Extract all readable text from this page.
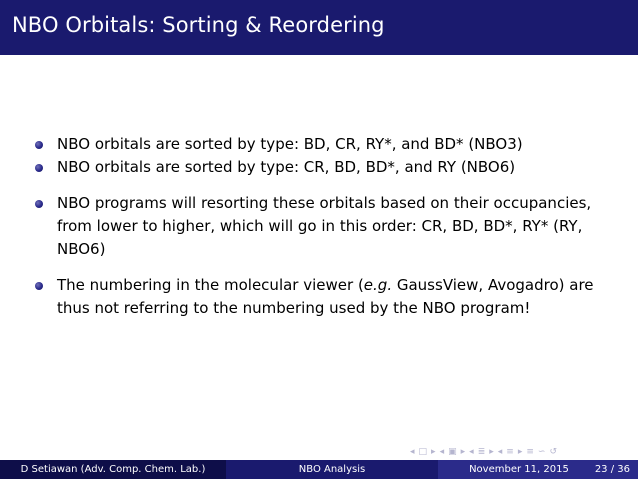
NBO Orbitals: Sorting & Reordering
NBO orbitals are sorted by type: BD, CR, RY*, and BD* (NBO3)
NBO orbitals are sorted by type: CR, BD, BD*, and RY (NBO6)
NBO programs will resorting these orbitals based on their occupancies, from lower to higher, which will go in this order: CR, BD, BD*, RY* (RY, NBO6)
The numbering in the molecular viewer (e.g. GaussView, Avogadro) are thus not referring to the numbering used by the NBO program!
◂ □ ▸ ◂ ▣ ▸ ◂ ≣ ▸ ◂ ≡ ▸ ≡ ∽ ↺
D Setiawan (Adv. Comp. Chem. Lab.)	NBO Analysis	November 11, 2015	23 / 36
